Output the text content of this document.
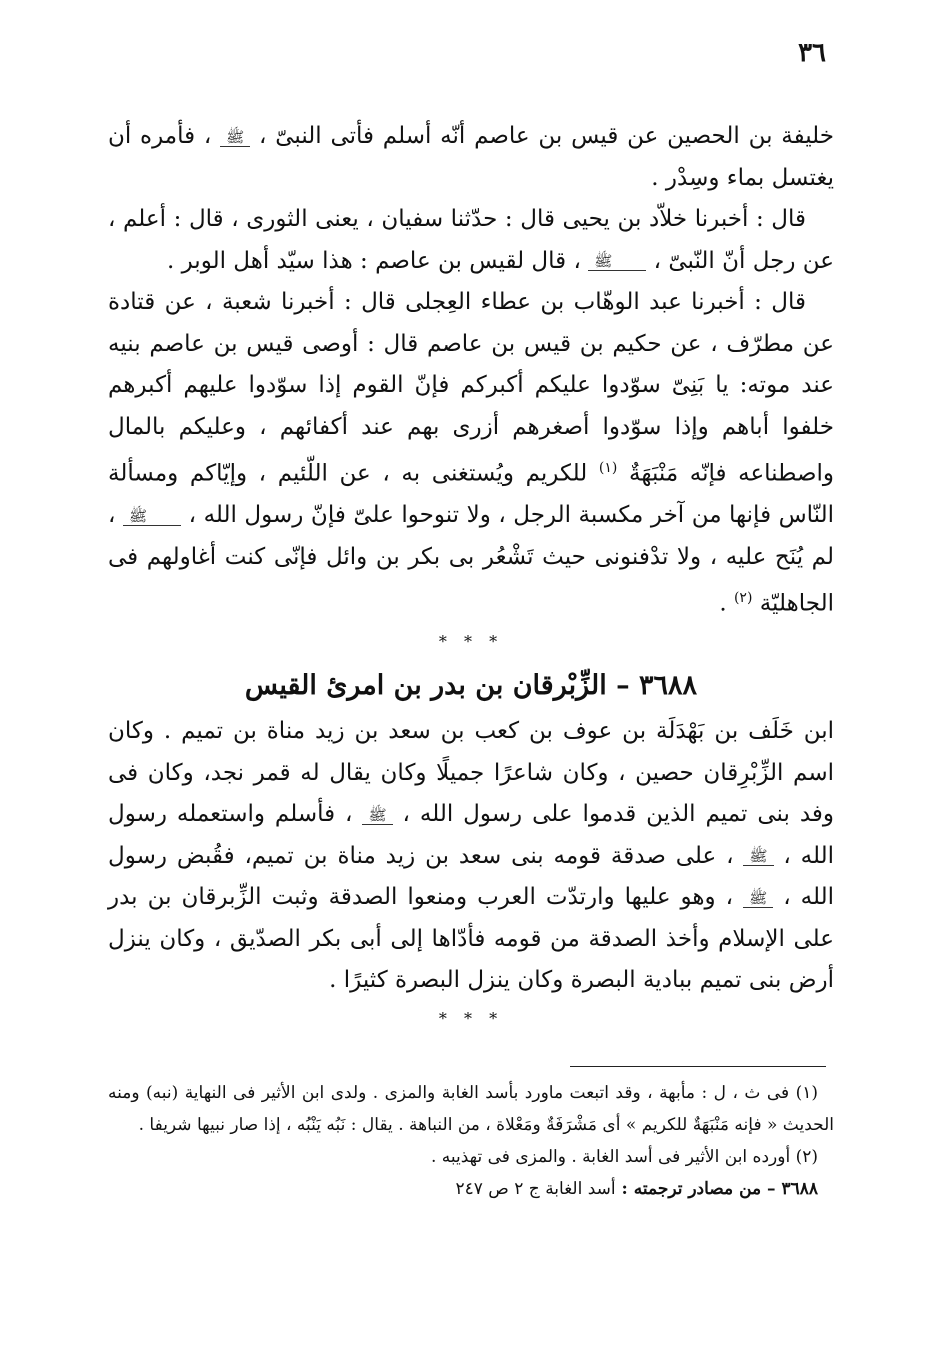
٣٦

خليفة بن الحصين عن قيس بن عاصم أنّه أسلم فأتى النبىّ ، ﷺ ، فأمره أن يغتسل بماء وسِدْر .

قال : أخبرنا خلاّد بن يحيى قال : حدّثنا سفيان ، يعنى الثورى ، قال : أعلم ، عن رجل أنّ النّبىّ ، ﷺ ، قال لقيس بن عاصم : هذا سيّد أهل الوبر .

قال : أخبرنا عبد الوهّاب بن عطاء العِجلى قال : أخبرنا شعبة ، عن قتادة عن مطرّف ، عن حكيم بن قيس بن عاصم قال : أوصى قيس بن عاصم بنيه عند موته: يا بَنِىّ سوّدوا عليكم أكبركم فإنّ القوم إذا سوّدوا عليهم أكبرهم خلفوا أباهم وإذا سوّدوا أصغرهم أزرى بهم عند أكفائهم ، وعليكم بالمال واصطناعه فإنّه مَنْبَهَةٌ $^{(١)}$ للكريم ويُستغنى به ، عن اللّئيم ، وإيّاكم ومسألة النّاس فإنها من آخر مكسبة الرجل ، ولا تنوحوا علىّ فإنّ رسول الله ، ﷺ ، لم يُنَح عليه ، ولا تدْفنونى حيث تَشْعُر بى بكر بن وائل فإنّى كنت أغاولهم فى الجاهليّة $^{(٢)}$ .

* * *
٣٦٨٨ – الزِّبْرقان بن بدر بن امرئ القيس

ابن خَلَف بن بَهْدَلَة بن عوف بن كعب بن سعد بن زيد مناة بن تميم . وكان اسم الزِّبْرِقان حصين ، وكان شاعرًا جميلًا وكان يقال له قمر نجد، وكان فى وفد بنى تميم الذين قدموا على رسول الله ، ﷺ ، فأسلم واستعمله رسول الله ، ﷺ ، على صدقة قومه بنى سعد بن زيد مناة بن تميم، فقُبض رسول الله ، ﷺ ، وهو عليها وارتدّت العرب ومنعوا الصدقة وثبت الزِّبرقان بن بدر على الإسلام وأخذ الصدقة من قومه فأدّاها إلى أبى بكر الصدّيق ، وكان ينزل أرض بنى تميم ببادية البصرة وكان ينزل البصرة كثيرًا .

* * *

(١) فى ث ، ل : مأبهة ، وقد اتبعت ماورد بأسد الغابة والمزى . ولدى ابن الأثير فى النهاية (نبه) ومنه الحديث « فإنه مَنْبَهَةٌ للكريم » أى مَشْرَفَةٌ ومَعْلاة ، من النباهة . يقال : نَبُه يَنْبُه ، إذا صار نبيها شريفا .

(٢) أورده ابن الأثير فى أسد الغابة . والمزى فى تهذيبه .

٣٦٨٨ – من مصادر ترجمته : أسد الغابة ج ٢ ص ٢٤٧
